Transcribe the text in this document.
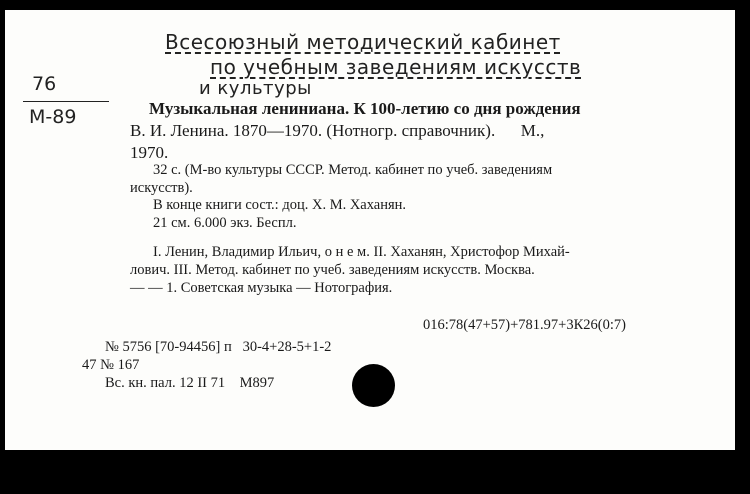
Всесоюзный методический кабинет
по учебным заведениям искусств
и культуры
76
M-89	Музыкальная лениниана. К 100-летию со дня рождения
В. И. Ленина. 1870—1970. (Нотногр. справочник).      М.,
1970.
32 с. (М-во культуры СССР. Метод. кабинет по учеб. заведениям
искусств).
В конце книги сост.: доц. Х. М. Хаханян.
21 см. 6.000 экз. Беспл.
I. Ленин, Владимир Ильич, о н е м. II. Хаханян, Христофор Михай-
лович. III. Метод. кабинет по учеб. заведениям искусств. Москва.
— — 1. Советская музыка — Нотография.
016:78(47+57)+781.97+3К26(0:7)
№ 5756 [70-94456] п   30-4+28-5+1-2
47 № 167
Вс. кн. пал. 12 II 71    М897
